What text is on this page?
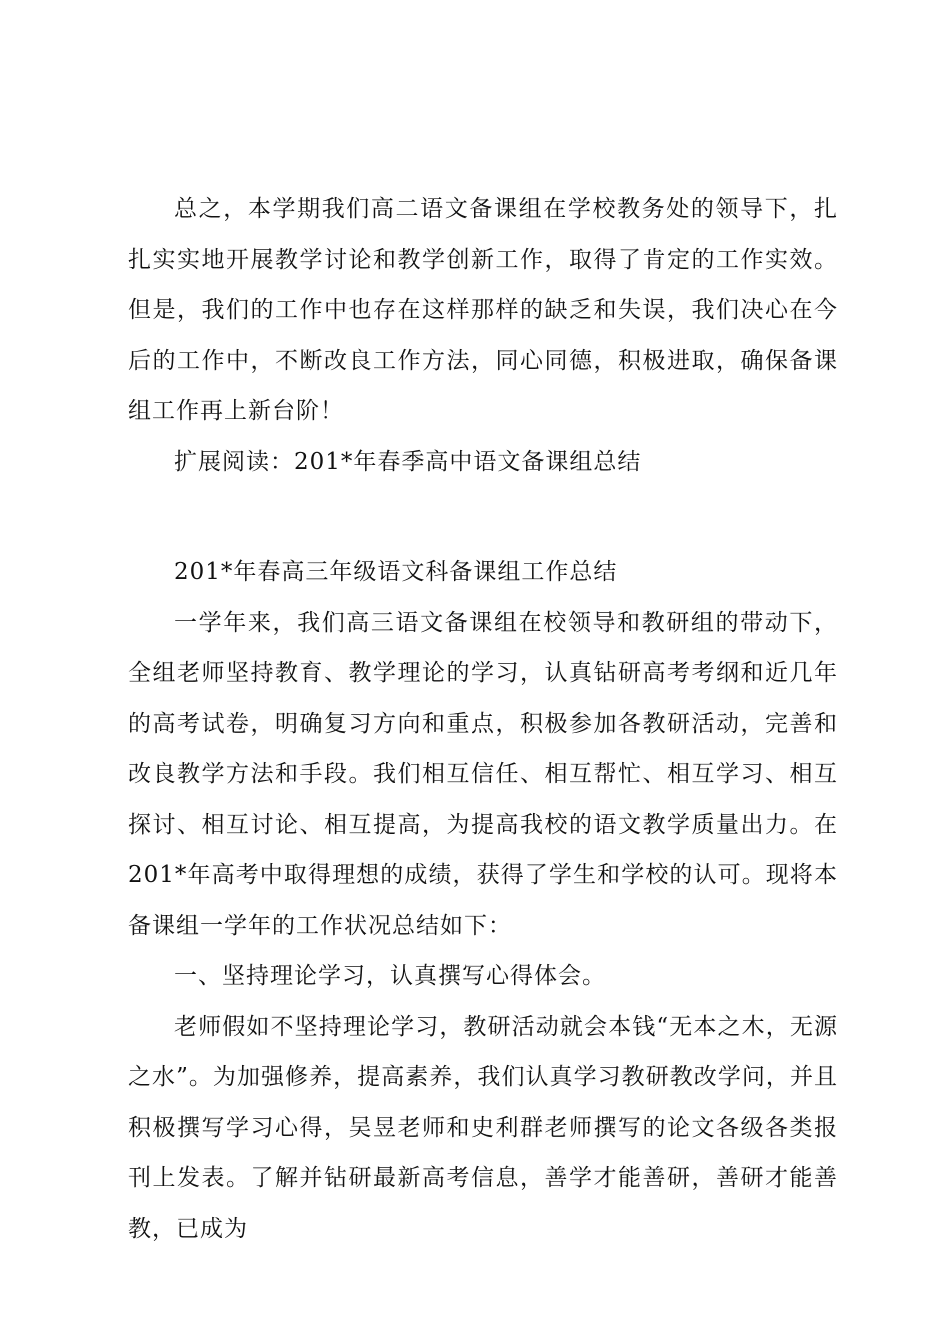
总之，本学期我们高二语文备课组在学校教务处的领导下，扎扎实实地开展教学讨论和教学创新工作，取得了肯定的工作实效。但是，我们的工作中也存在这样那样的缺乏和失误，我们决心在今后的工作中，不断改良工作方法，同心同德，积极进取，确保备课组工作再上新台阶！

扩展阅读：201*年春季高中语文备课组总结

201*年春高三年级语文科备课组工作总结

一学年来，我们高三语文备课组在校领导和教研组的带动下，全组老师坚持教育、教学理论的学习，认真钻研高考考纲和近几年的高考试卷，明确复习方向和重点，积极参加各教研活动，完善和改良教学方法和手段。我们相互信任、相互帮忙、相互学习、相互探讨、相互讨论、相互提高，为提高我校的语文教学质量出力。在201*年高考中取得理想的成绩，获得了学生和学校的认可。现将本备课组一学年的工作状况总结如下：

一、坚持理论学习，认真撰写心得体会。

老师假如不坚持理论学习，教研活动就会本钱“无本之木，无源之水”。为加强修养，提高素养，我们认真学习教研教改学问，并且积极撰写学习心得，吴昱老师和史利群老师撰写的论文各级各类报刊上发表。了解并钻研最新高考信息，善学才能善研，善研才能善教，已成为
